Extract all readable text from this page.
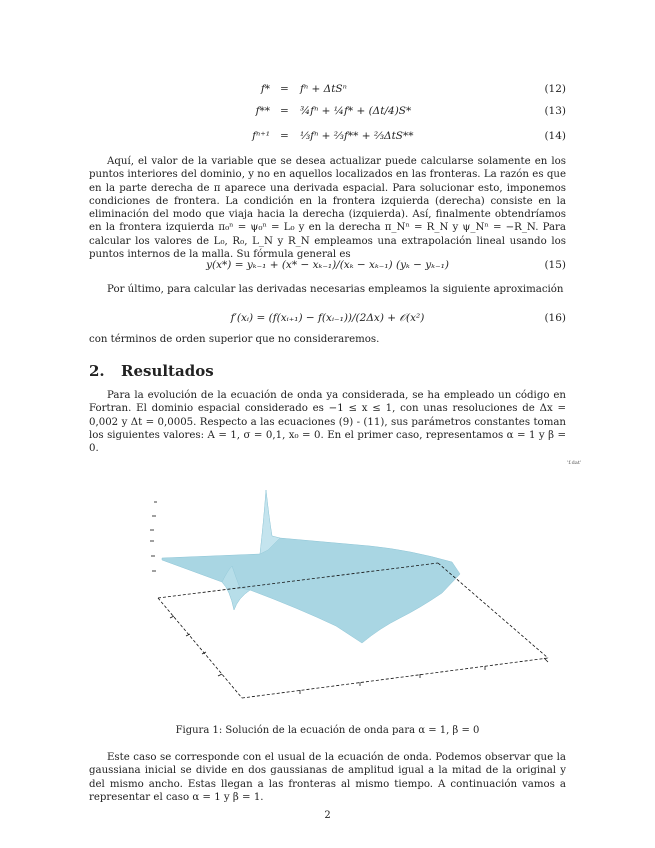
f* = fⁿ + ΔtSⁿ	(12)
f** = ¾fⁿ + ¼f* + (Δt/4)S*	(13)
fⁿ⁺¹ = ⅓fⁿ + ⅔f** + ⅔ΔtS**	(14)

Aquí, el valor de la variable que se desea actualizar puede calcularse solamente en los puntos interiores del dominio, y no en aquellos localizados en las fronteras. La razón es que en la parte derecha de π aparece una derivada espacial. Para solucionar esto, imponemos condiciones de frontera. La condición en la frontera izquierda (derecha) consiste en la eliminación del modo que viaja hacia la derecha (izquierda). Así, finalmente obtendríamos en la frontera izquierda π₀ⁿ = ψ₀ⁿ = L₀ y en la derecha π_Nⁿ = R_N y ψ_Nⁿ = −R_N. Para calcular los valores de L₀, R₀, L_N y R_N empleamos una extrapolación lineal usando los puntos internos de la malla. Su fórmula general es

y(x*) = yₖ₋₁ + (x* − xₖ₋₁)/(xₖ − xₖ₋₁) (yₖ − yₖ₋₁)	(15)

Por último, para calcular las derivadas necesarias empleamos la siguiente aproximación

f′(xᵢ) = (f(xᵢ₊₁) − f(xᵢ₋₁))/(2Δx) + 𝒪(x²)	(16)

con términos de orden superior que no consideraremos.

2. Resultados

Para la evolución de la ecuación de onda ya considerada, se ha empleado un código en Fortran. El dominio espacial considerado es −1 ≤ x ≤ 1, con unas resoluciones de Δx = 0,002 y Δt = 0,0005. Respecto a las ecuaciones (9) - (11), sus parámetros constantes toman los siguientes valores: A = 1, σ = 0,1, x₀ = 0. En el primer caso, representamos α = 1 y β = 0.

'f.dat'
Figura 1: Solución de la ecuación de onda para α = 1, β = 0

Este caso se corresponde con el usual de la ecuación de onda. Podemos observar que la gaussiana inicial se divide en dos gaussianas de amplitud igual a la mitad de la original y del mismo ancho. Estas llegan a las fronteras al mismo tiempo. A continuación vamos a representar el caso α = 1 y β = 1.

2
